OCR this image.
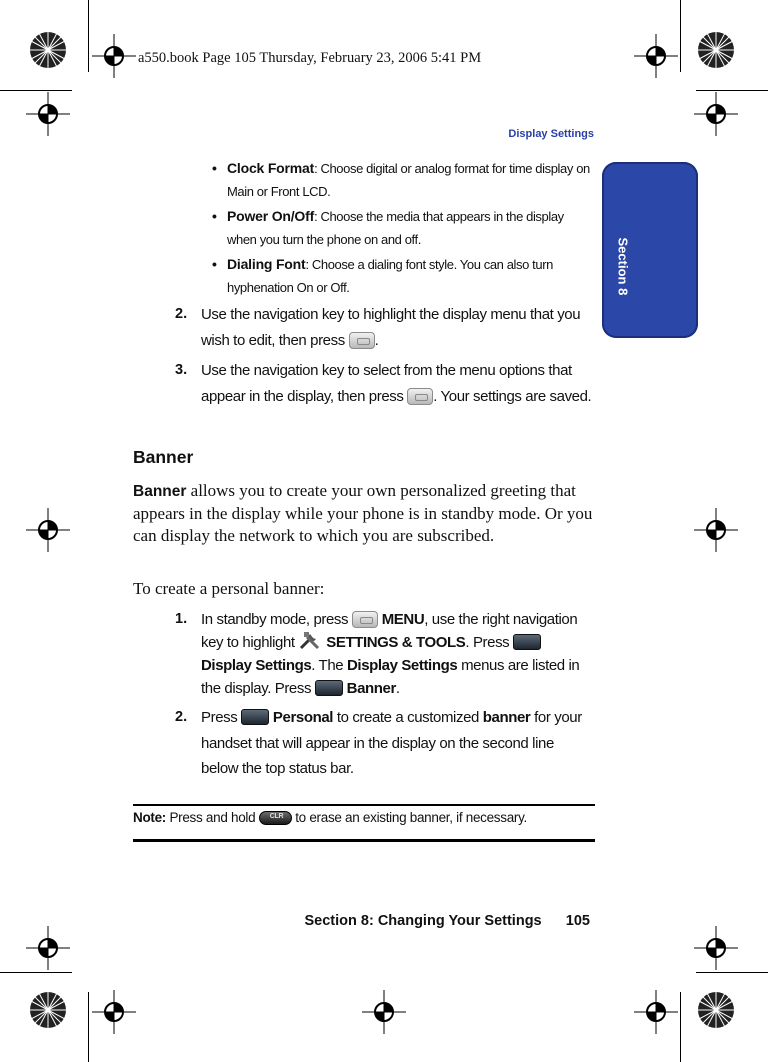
a550.book Page 105 Thursday, February 23, 2006 5:41 PM
Display Settings
Section 8
• Clock Format: Choose digital or analog format for time display on Main or Front LCD.
• Power On/Off: Choose the media that appears in the display when you turn the phone on and off.
• Dialing Font: Choose a dialing font style. You can also turn hyphenation On or Off.
2. Use the navigation key to highlight the display menu that you wish to edit, then press .
3. Use the navigation key to select from the menu options that appear in the display, then press . Your settings are saved.
Banner
Banner allows you to create your own personalized greeting that appears in the display while your phone is in standby mode. Or you can display the network to which you are subscribed.
To create a personal banner:
1. In standby mode, press MENU, use the right navigation key to highlight SETTINGS & TOOLS. Press  Display Settings. The Display Settings menus are listed in the display. Press Banner.
2. Press Personal to create a customized banner for your handset that will appear in the display on the second line below the top status bar.
Note: Press and hold CLR	to erase an existing banner, if necessary.
Section 8: Changing Your Settings 105
